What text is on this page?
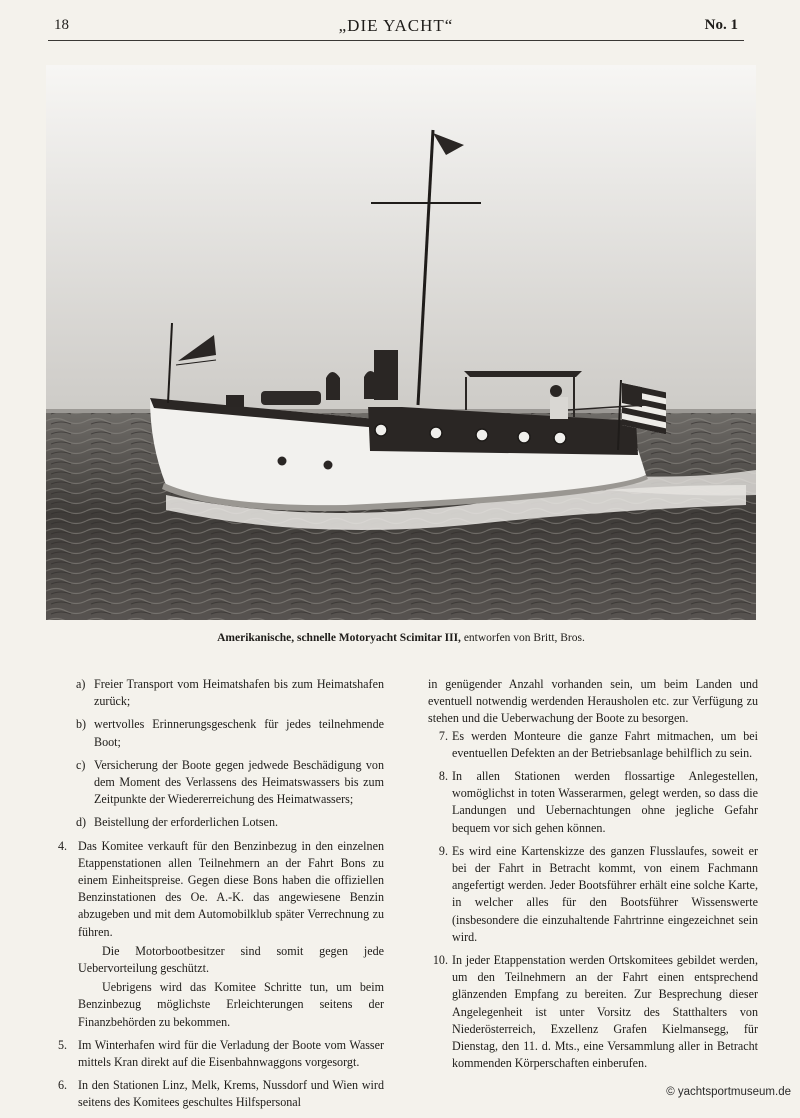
18	„DIE YACHT“	No. 1
Amerikanische, schnelle Motoryacht Scimitar III, entworfen von Britt, Bros.
a) Freier Transport vom Heimatshafen bis zum Heimatshafen zurück;

b) wertvolles Erinnerungsgeschenk für jedes teilnehmende Boot;

c) Versicherung der Boote gegen jedwede Beschädigung von dem Moment des Verlassens des Heimatswassers bis zum Zeitpunkte der Wiedererreichung des Heimatwassers;

d) Beistellung der erforderlichen Lotsen.

4. Das Komitee verkauft für den Benzinbezug in den einzelnen Etappenstationen allen Teilnehmern an der Fahrt Bons zu einem Einheitspreise. Gegen diese Bons haben die offiziellen Benzinstationen des Oe. A.-K. das angewiesene Benzin abzugeben und mit dem Automobilklub später Verrechnung zu führen.

Die Motorbootbesitzer sind somit gegen jede Uebervorteilung geschützt.

Uebrigens wird das Komitee Schritte tun, um beim Benzinbezug möglichste Erleichterungen seitens der Finanzbehörden zu bekommen.

5. Im Winterhafen wird für die Verladung der Boote vom Wasser mittels Kran direkt auf die Eisenbahnwaggons vorgesorgt.

6. In den Stationen Linz, Melk, Krems, Nussdorf und Wien wird seitens des Komitees geschultes Hilfspersonal

in genügender Anzahl vorhanden sein, um beim Landen und eventuell notwendig werdenden Herausholen etc. zur Verfügung zu stehen und die Ueberwachung der Boote zu besorgen.

7. Es werden Monteure die ganze Fahrt mitmachen, um bei eventuellen Defekten an der Betriebsanlage behilflich zu sein.

8. In allen Stationen werden flossartige Anlegestellen, womöglichst in toten Wasserarmen, gelegt werden, so dass die Landungen und Uebernachtungen ohne jegliche Gefahr bequem vor sich gehen können.

9. Es wird eine Kartenskizze des ganzen Flusslaufes, soweit er bei der Fahrt in Betracht kommt, von einem Fachmann angefertigt werden. Jeder Bootsführer erhält eine solche Karte, in welcher alles für den Bootsführer Wissenswerte (insbesondere die einzuhaltende Fahrtrinne eingezeichnet sein wird.

10. In jeder Etappenstation werden Ortskomitees gebildet werden, um den Teilnehmern an der Fahrt einen entsprechend glänzenden Empfang zu bereiten. Zur Besprechung dieser Angelegenheit ist unter Vorsitz des Statthalters von Niederösterreich, Exzellenz Grafen Kielmansegg, für Dienstag, den 11. d. Mts., eine Versammlung aller in Betracht kommenden Körperschaften einberufen.

© yachtsportmuseum.de
